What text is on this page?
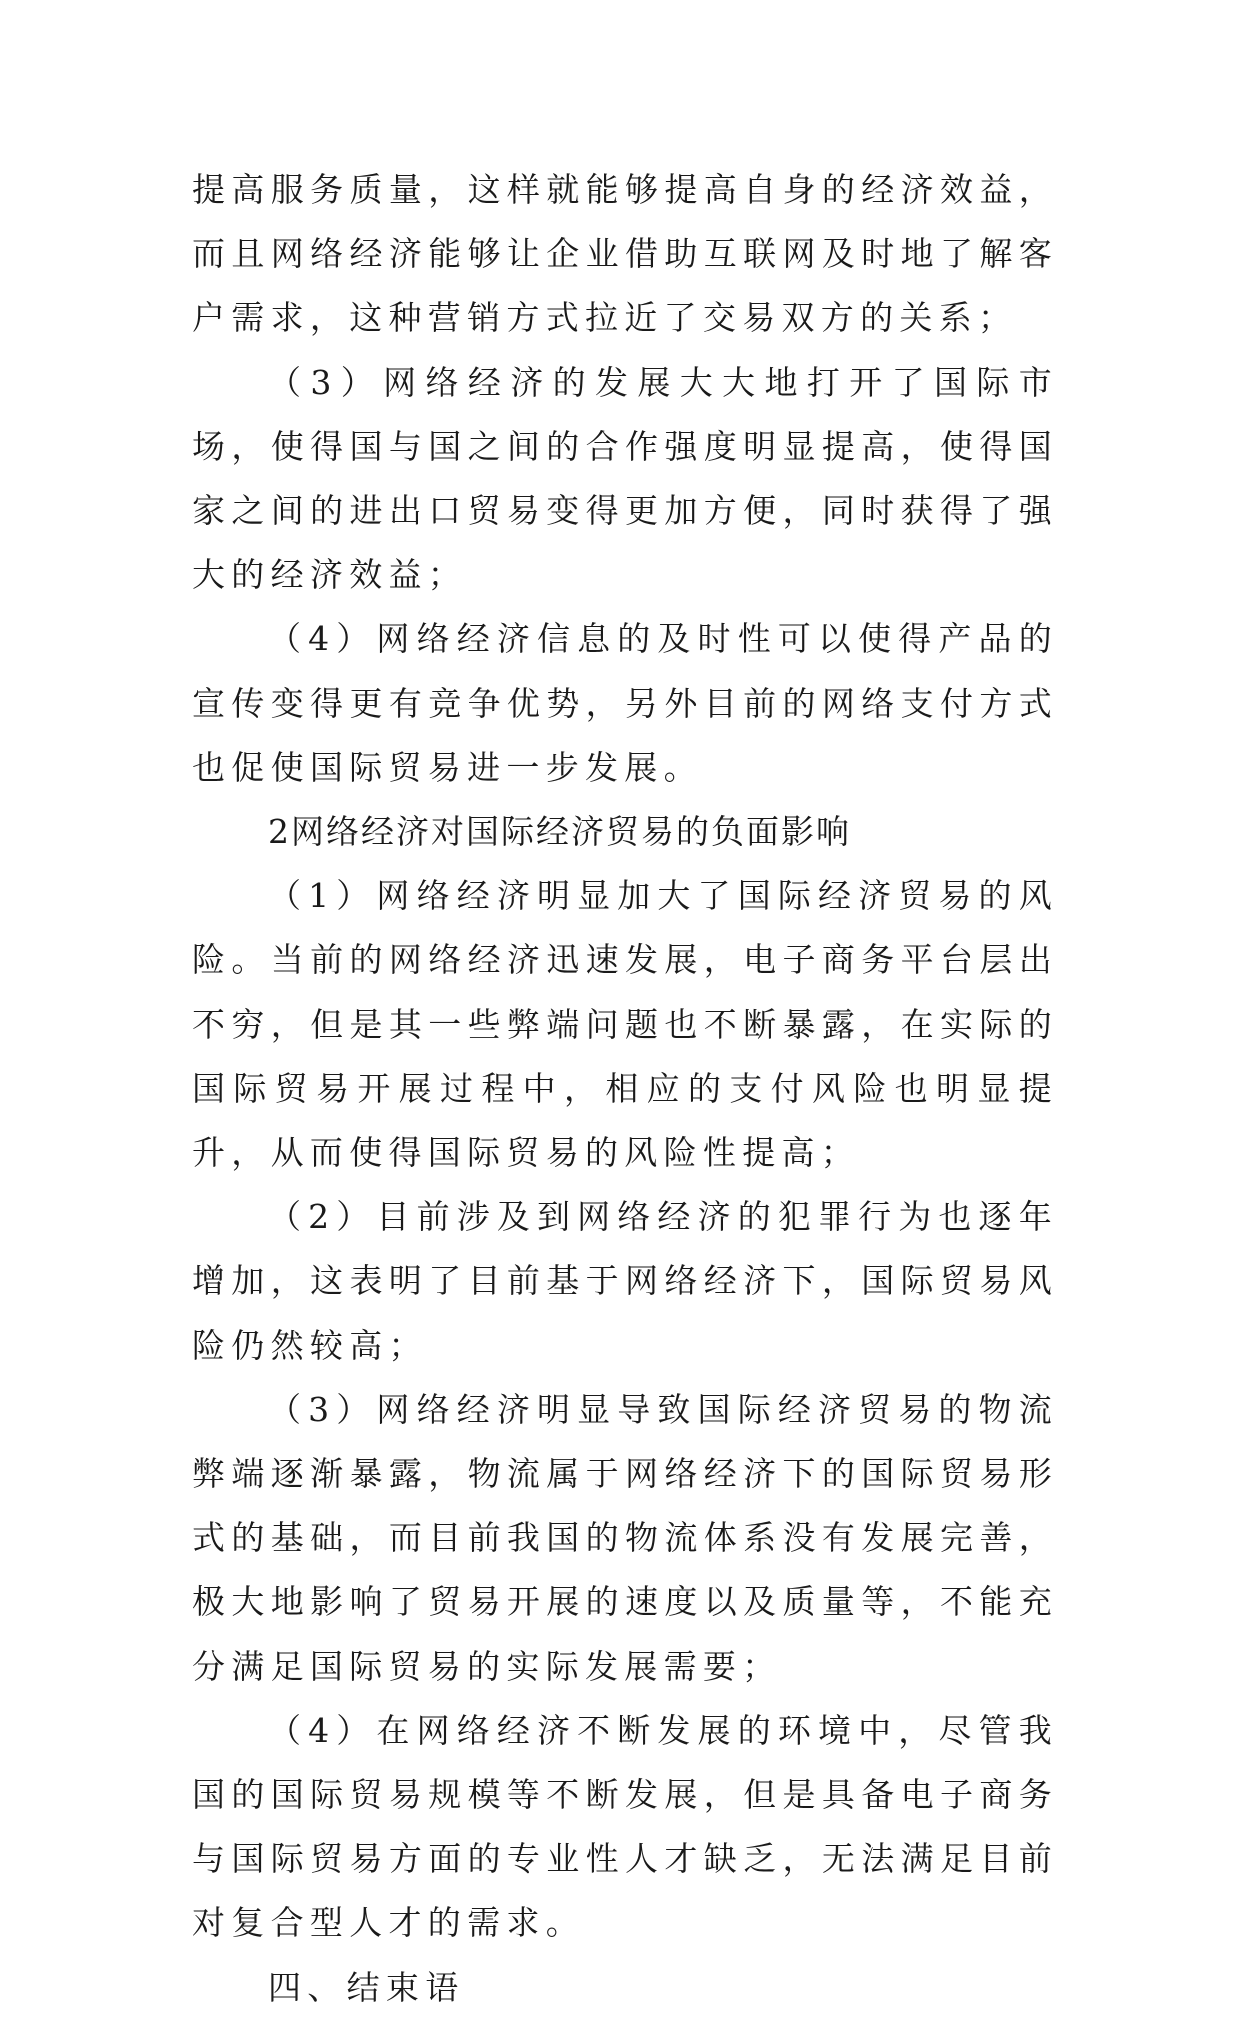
提高服务质量，这样就能够提高自身的经济效益，而且网络经济能够让企业借助互联网及时地了解客户需求，这种营销方式拉近了交易双方的关系；

（3）网络经济的发展大大地打开了国际市场，使得国与国之间的合作强度明显提高，使得国家之间的进出口贸易变得更加方便，同时获得了强大的经济效益；

（4）网络经济信息的及时性可以使得产品的宣传变得更有竞争优势，另外目前的网络支付方式也促使国际贸易进一步发展。

2网络经济对国际经济贸易的负面影响

（1）网络经济明显加大了国际经济贸易的风险。当前的网络经济迅速发展，电子商务平台层出不穷，但是其一些弊端问题也不断暴露，在实际的国际贸易开展过程中，相应的支付风险也明显提升，从而使得国际贸易的风险性提高；

（2）目前涉及到网络经济的犯罪行为也逐年增加，这表明了目前基于网络经济下，国际贸易风险仍然较高；

（3）网络经济明显导致国际经济贸易的物流弊端逐渐暴露，物流属于网络经济下的国际贸易形式的基础，而目前我国的物流体系没有发展完善，极大地影响了贸易开展的速度以及质量等，不能充分满足国际贸易的实际发展需要；

（4）在网络经济不断发展的环境中，尽管我国的国际贸易规模等不断发展，但是具备电子商务与国际贸易方面的专业性人才缺乏，无法满足目前对复合型人才的需求。

四、结束语
